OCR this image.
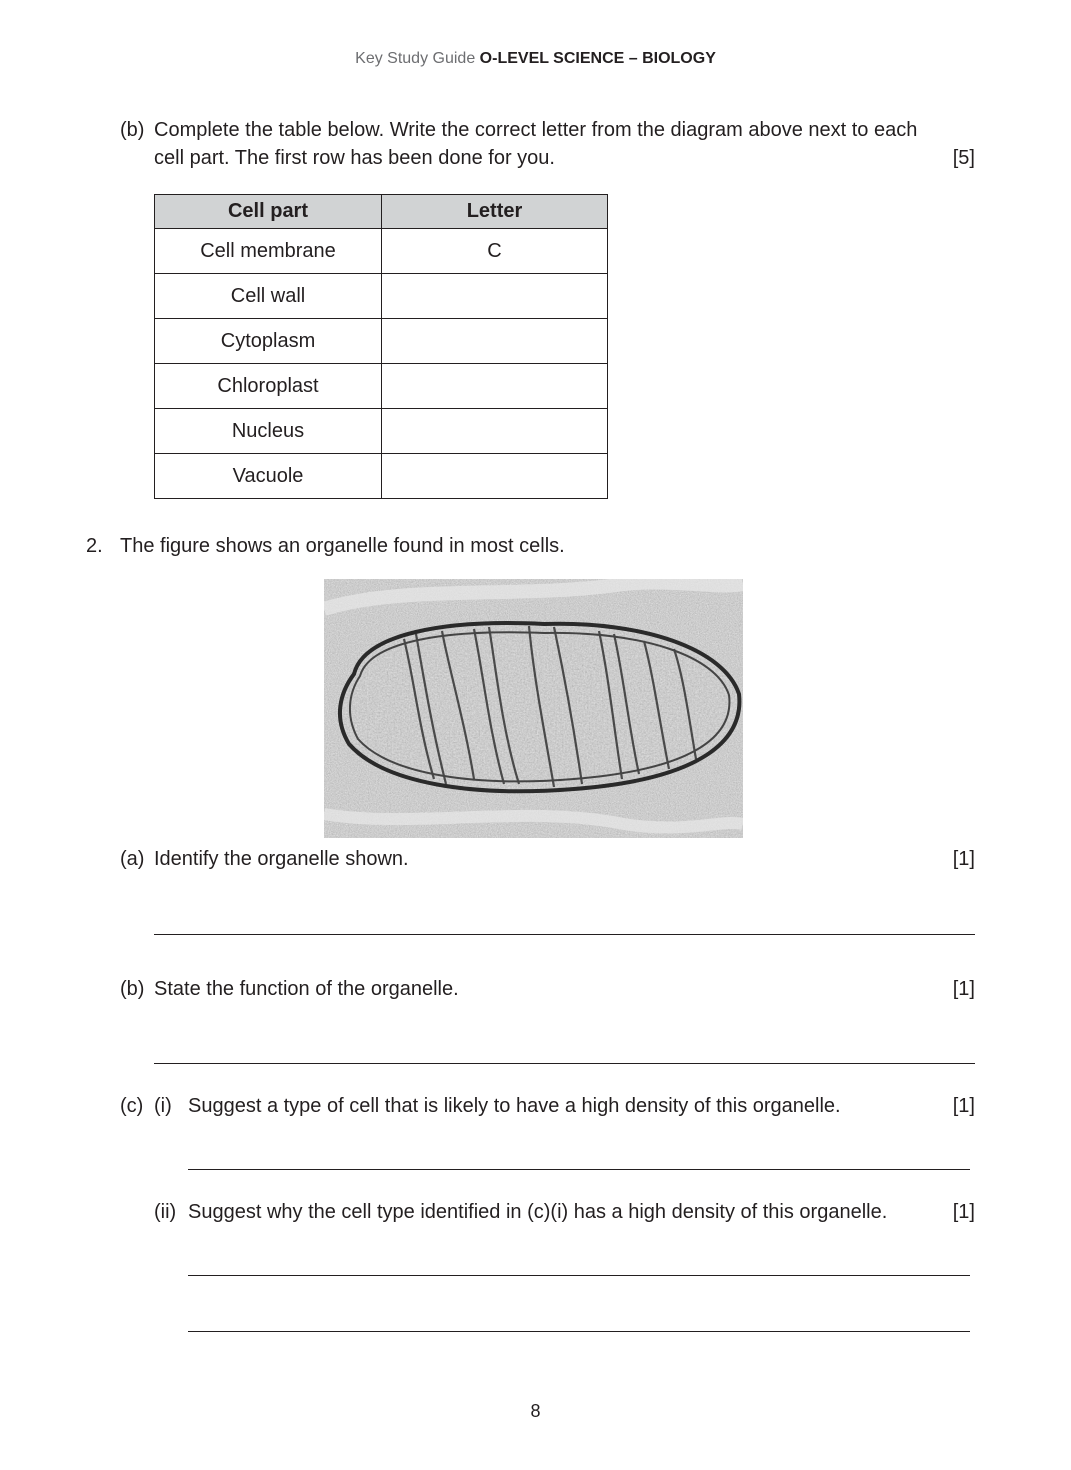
Key Study Guide O-LEVEL SCIENCE – BIOLOGY
(b) Complete the table below. Write the correct letter from the diagram above next to each
cell part. The first row has been done for you.	[5]
Cell part	Letter
Cell membrane	C
Cell wall	
Cytoplasm	
Chloroplast	
Nucleus	
Vacuole	
2. The figure shows an organelle found in most cells.
(a) Identify the organelle shown.	[1]
(b) State the function of the organelle.	[1]
(c) (i) Suggest a type of cell that is likely to have a high density of this organelle.	[1]
(ii) Suggest why the cell type identified in (c)(i) has a high density of this organelle.	[1]
8
